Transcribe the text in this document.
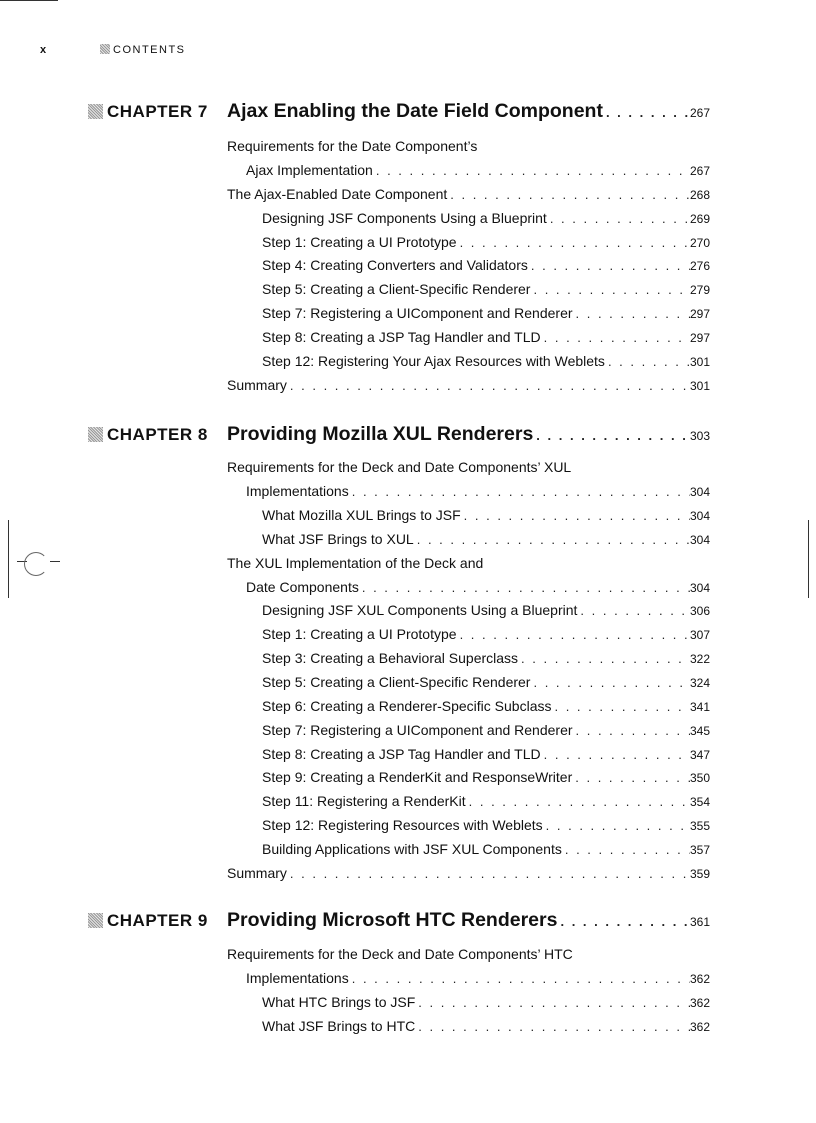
x	CONTENTS
CHAPTER 7 Ajax Enabling the Date Field Component . . .	267
Requirements for the Date Component’s
Ajax Implementation . . .	267
The Ajax-Enabled Date Component . . .	268
Designing JSF Components Using a Blueprint . . .	269
Step 1: Creating a UI Prototype . . .	270
Step 4: Creating Converters and Validators . . .	276
Step 5: Creating a Client-Specific Renderer . . .	279
Step 7: Registering a UIComponent and Renderer . . .	297
Step 8: Creating a JSP Tag Handler and TLD . . .	297
Step 12: Registering Your Ajax Resources with Weblets . . .	301
Summary . . .	301
CHAPTER 8 Providing Mozilla XUL Renderers . . .	303
Requirements for the Deck and Date Components’ XUL
Implementations . . .	304
What Mozilla XUL Brings to JSF . . .	304
What JSF Brings to XUL . . .	304
The XUL Implementation of the Deck and
Date Components . . .	304
Designing JSF XUL Components Using a Blueprint . . .	306
Step 1: Creating a UI Prototype . . .	307
Step 3: Creating a Behavioral Superclass . . .	322
Step 5: Creating a Client-Specific Renderer . . .	324
Step 6: Creating a Renderer-Specific Subclass . . .	341
Step 7: Registering a UIComponent and Renderer . . .	345
Step 8: Creating a JSP Tag Handler and TLD . . .	347
Step 9: Creating a RenderKit and ResponseWriter . . .	350
Step 11: Registering a RenderKit . . .	354
Step 12: Registering Resources with Weblets . . .	355
Building Applications with JSF XUL Components . . .	357
Summary . . .	359
CHAPTER 9 Providing Microsoft HTC Renderers . . .	361
Requirements for the Deck and Date Components’ HTC
Implementations . . .	362
What HTC Brings to JSF . . .	362
What JSF Brings to HTC . . .	362
